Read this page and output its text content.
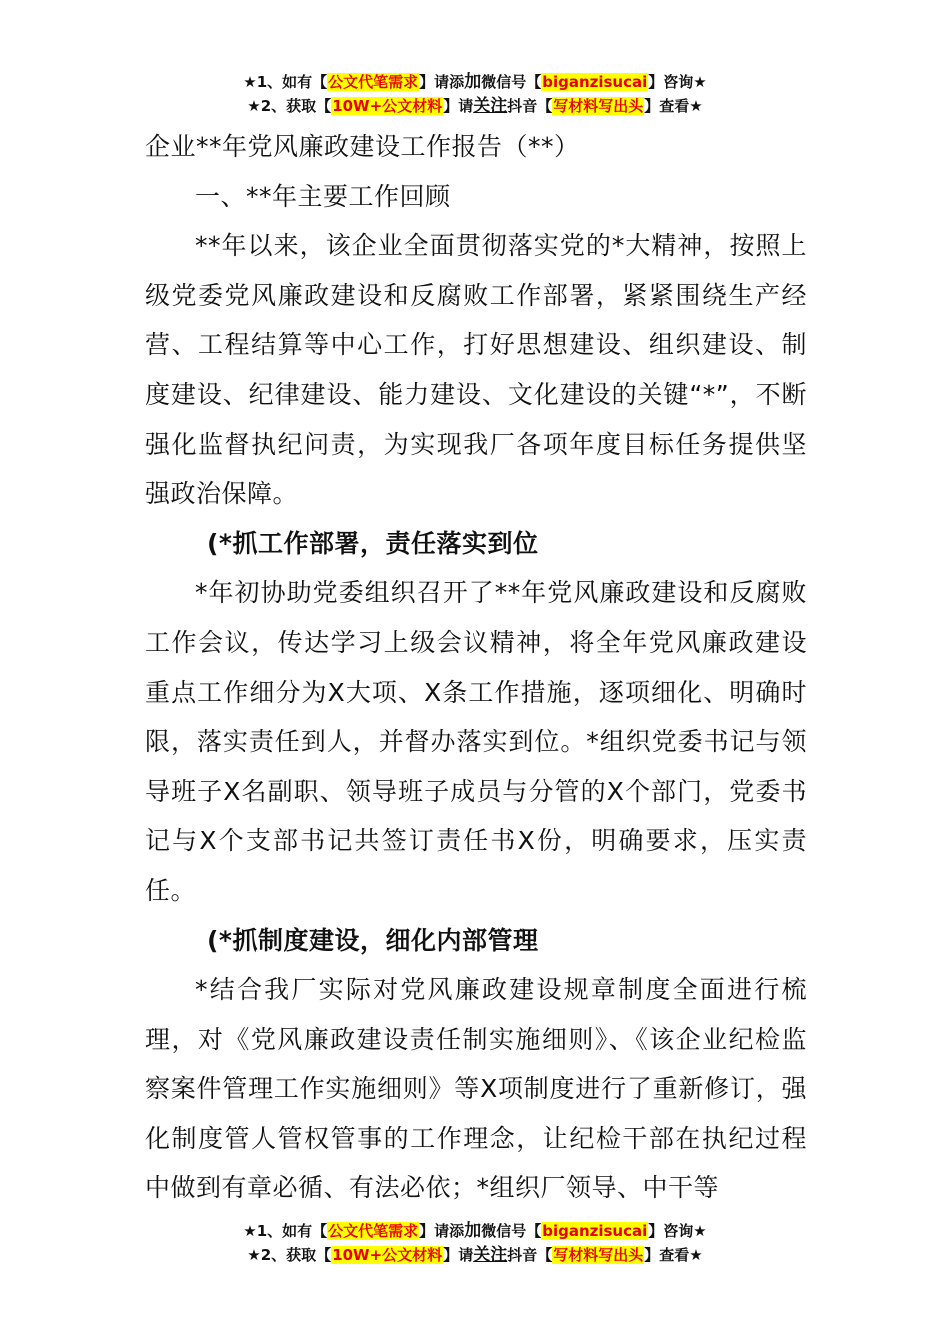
★1、如有【公文代笔需求】请添加微信号【biganzisucai】咨询★
★2、获取【10W+公文材料】请关注抖音【写材料写出头】查看★

企业**年党风廉政建设工作报告（**）

一、**年主要工作回顾

**年以来，该企业全面贯彻落实党的*大精神，按照上级党委党风廉政建设和反腐败工作部署，紧紧围绕生产经营、工程结算等中心工作，打好思想建设、组织建设、制度建设、纪律建设、能力建设、文化建设的关键“*”，不断强化监督执纪问责，为实现我厂各项年度目标任务提供坚强政治保障。

(*抓工作部署，责任落实到位

*年初协助党委组织召开了**年党风廉政建设和反腐败工作会议，传达学习上级会议精神，将全年党风廉政建设重点工作细分为X大项、X条工作措施，逐项细化、明确时限，落实责任到人，并督办落实到位。*组织党委书记与领导班子X名副职、领导班子成员与分管的X个部门，党委书记与X个支部书记共签订责任书X份，明确要求，压实责任。

(*抓制度建设，细化内部管理

*结合我厂实际对党风廉政建设规章制度全面进行梳理，对《党风廉政建设责任制实施细则》、《该企业纪检监察案件管理工作实施细则》等X项制度进行了重新修订，强化制度管人管权管事的工作理念，让纪检干部在执纪过程中做到有章必循、有法必依；*组织厂领导、中干等

★1、如有【公文代笔需求】请添加微信号【biganzisucai】咨询★
★2、获取【10W+公文材料】请关注抖音【写材料写出头】查看★
